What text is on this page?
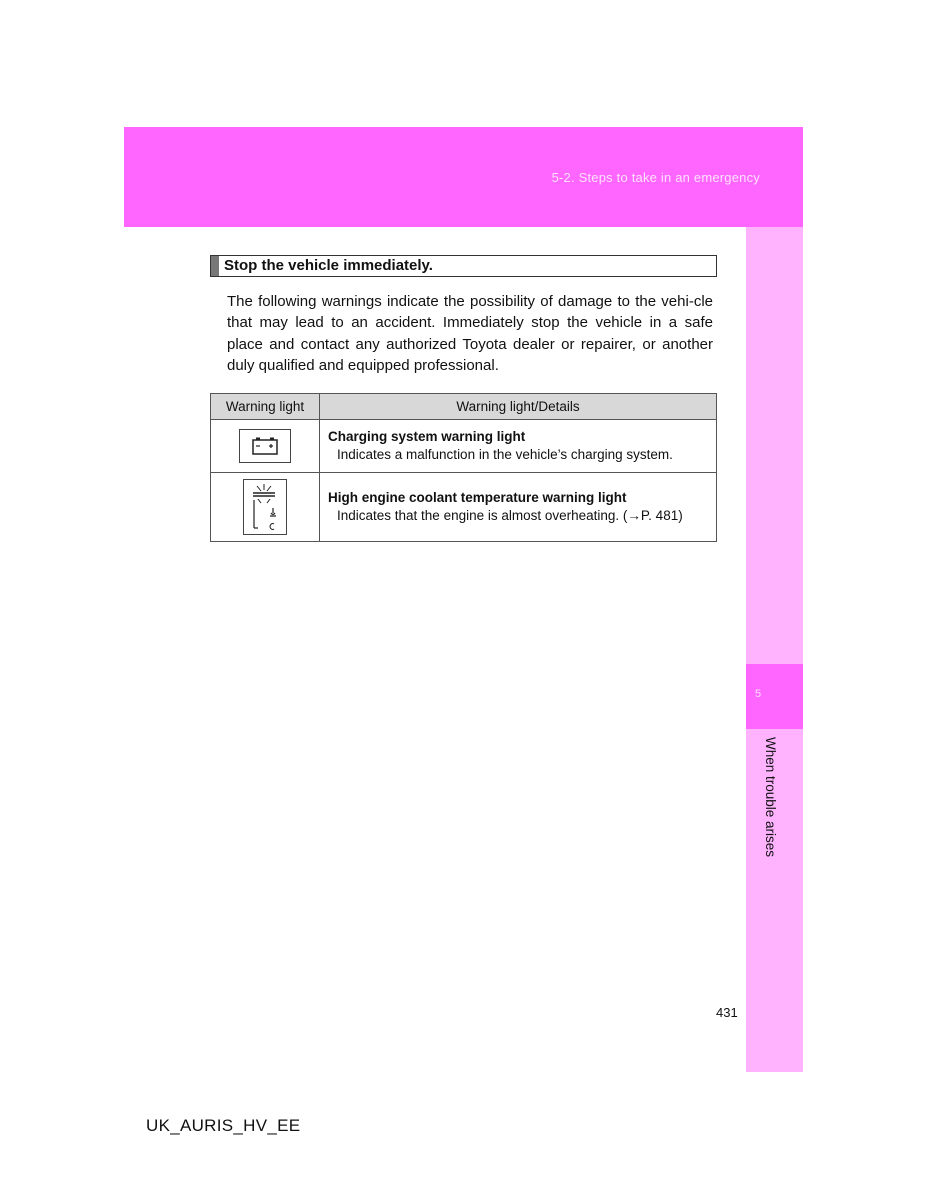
5-2. Steps to take in an emergency
5
When trouble arises
Stop the vehicle immediately.

The following warnings indicate the possibility of damage to the vehi-cle that may lead to an accident. Immediately stop the vehicle in a safe place and contact any authorized Toyota dealer or repairer, or another duly qualified and equipped professional.

Warning light	Warning light/Details

Charging system warning light
Indicates a malfunction in the vehicle’s charging system.

High engine coolant temperature warning light
Indicates that the engine is almost overheating. (→P. 481)
431
UK_AURIS_HV_EE
